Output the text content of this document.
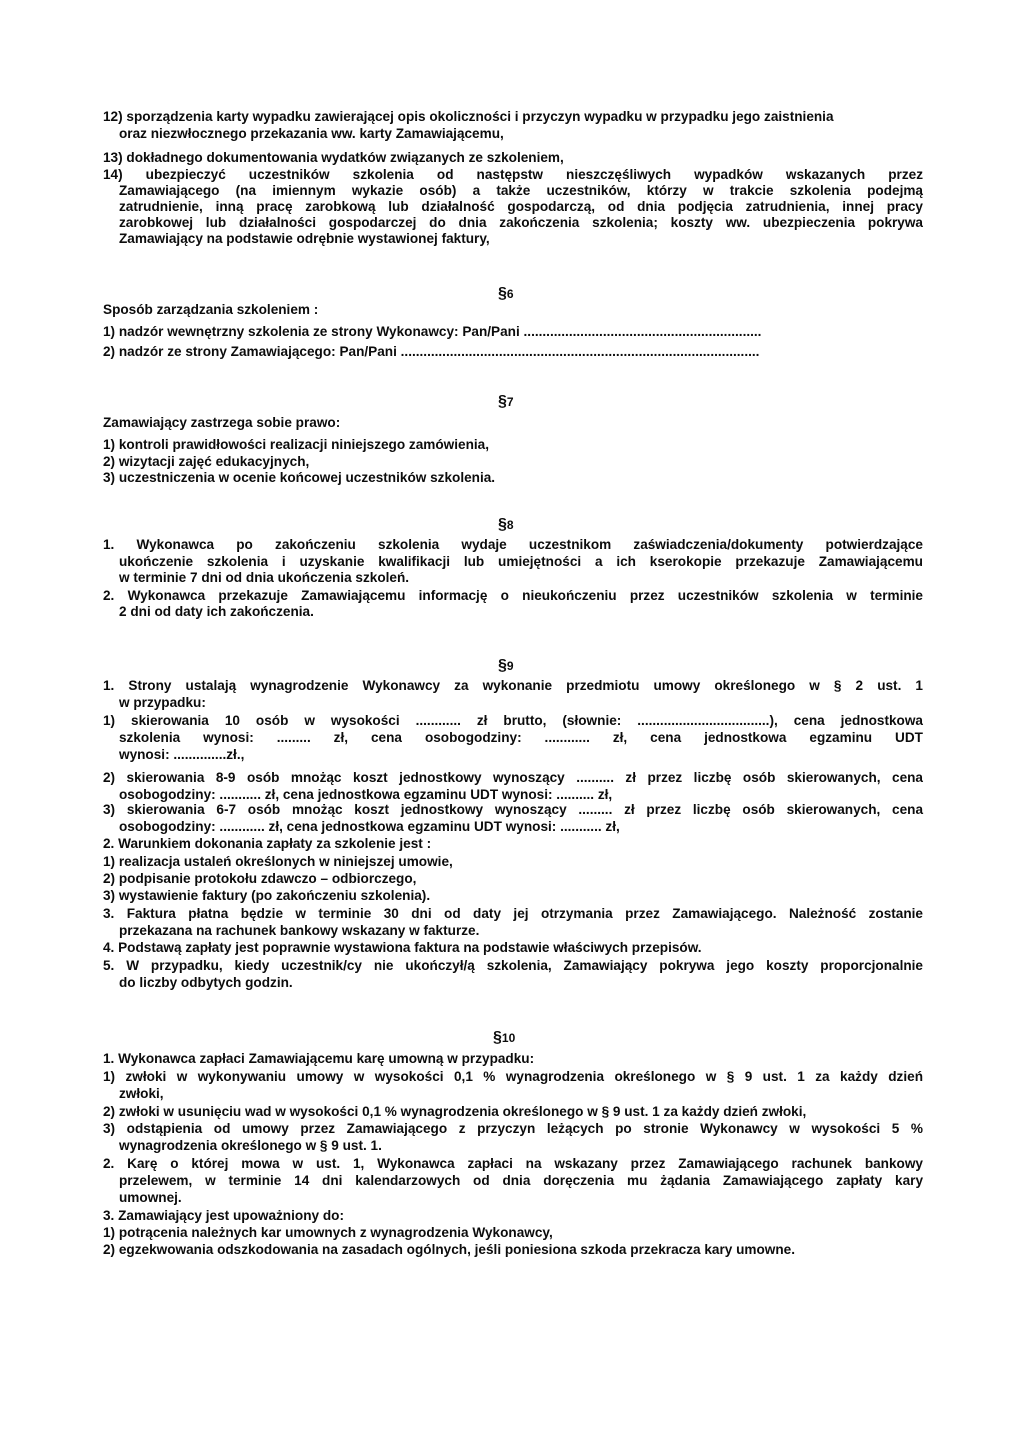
12) sporządzenia karty wypadku zawierającej opis okoliczności i przyczyn wypadku w przypadku jego zaistnienia
oraz niezwłocznego przekazania ww. karty Zamawiającemu,
13) dokładnego dokumentowania wydatków związanych ze szkoleniem,
14) ubezpieczyć uczestników szkolenia od następstw nieszczęśliwych wypadków wskazanych przez
Zamawiającego (na imiennym wykazie osób) a także uczestników, którzy w trakcie szkolenia podejmą
zatrudnienie, inną pracę zarobkową lub działalność gospodarczą, od dnia podjęcia zatrudnienia, innej pracy
zarobkowej lub działalności gospodarczej do dnia zakończenia szkolenia; koszty ww. ubezpieczenia pokrywa
Zamawiający na podstawie odrębnie wystawionej faktury,
§6
Sposób zarządzania szkoleniem :
1) nadzór wewnętrzny szkolenia ze strony Wykonawcy: Pan/Pani ...............................................................
2) nadzór ze strony Zamawiającego: Pan/Pani ...............................................................................................
§7
Zamawiający zastrzega sobie prawo:
1) kontroli prawidłowości realizacji niniejszego zamówienia,
2) wizytacji zajęć edukacyjnych,
3) uczestniczenia w ocenie końcowej uczestników szkolenia.
§8
1. Wykonawca po zakończeniu szkolenia wydaje uczestnikom zaświadczenia/dokumenty potwierdzające
ukończenie szkolenia i uzyskanie kwalifikacji lub umiejętności a ich kserokopie przekazuje Zamawiającemu
w terminie 7 dni od dnia ukończenia szkoleń.
2. Wykonawca przekazuje Zamawiającemu informację o nieukończeniu przez uczestników szkolenia w terminie
2 dni od daty ich zakończenia.
§9
1. Strony ustalają wynagrodzenie Wykonawcy za wykonanie przedmiotu umowy określonego w § 2 ust. 1
w przypadku:
1) skierowania 10 osób w wysokości ............ zł brutto, (słownie: ...................................), cena jednostkowa
szkolenia wynosi: ......... zł, cena osobogodziny: ............ zł, cena jednostkowa egzaminu UDT
wynosi: ..............zł.,
2) skierowania 8-9 osób mnożąc koszt jednostkowy wynoszący .......... zł przez liczbę osób skierowanych, cena
osobogodziny: ........... zł, cena jednostkowa egzaminu UDT wynosi: .......... zł,
3) skierowania 6-7 osób mnożąc koszt jednostkowy wynoszący ......... zł przez liczbę osób skierowanych, cena
osobogodziny: ............ zł, cena jednostkowa egzaminu UDT wynosi: ........... zł,
2. Warunkiem dokonania zapłaty za szkolenie jest :
1) realizacja ustaleń określonych w niniejszej umowie,
2) podpisanie protokołu zdawczo – odbiorczego,
3) wystawienie faktury (po zakończeniu szkolenia).
3. Faktura płatna będzie w terminie 30 dni od daty jej otrzymania przez Zamawiającego. Należność zostanie
przekazana na rachunek bankowy wskazany w fakturze.
4. Podstawą zapłaty jest poprawnie wystawiona faktura na podstawie właściwych przepisów.
5. W przypadku, kiedy uczestnik/cy nie ukończył/ą szkolenia, Zamawiający pokrywa jego koszty proporcjonalnie
do liczby odbytych godzin.
§10
1. Wykonawca zapłaci Zamawiającemu karę umowną w przypadku:
1) zwłoki w wykonywaniu umowy w wysokości 0,1 % wynagrodzenia określonego w § 9 ust. 1 za każdy dzień
zwłoki,
2) zwłoki w usunięciu wad w wysokości 0,1 % wynagrodzenia określonego w § 9 ust. 1 za każdy dzień zwłoki,
3) odstąpienia od umowy przez Zamawiającego z przyczyn leżących po stronie Wykonawcy w wysokości 5 %
wynagrodzenia określonego w § 9 ust. 1.
2. Karę o której mowa w ust. 1, Wykonawca zapłaci na wskazany przez Zamawiającego rachunek bankowy
przelewem, w terminie 14 dni kalendarzowych od dnia doręczenia mu żądania Zamawiającego zapłaty kary
umownej.
3. Zamawiający jest upoważniony do:
1) potrącenia należnych kar umownych z wynagrodzenia Wykonawcy,
2) egzekwowania odszkodowania na zasadach ogólnych, jeśli poniesiona szkoda przekracza kary umowne.
